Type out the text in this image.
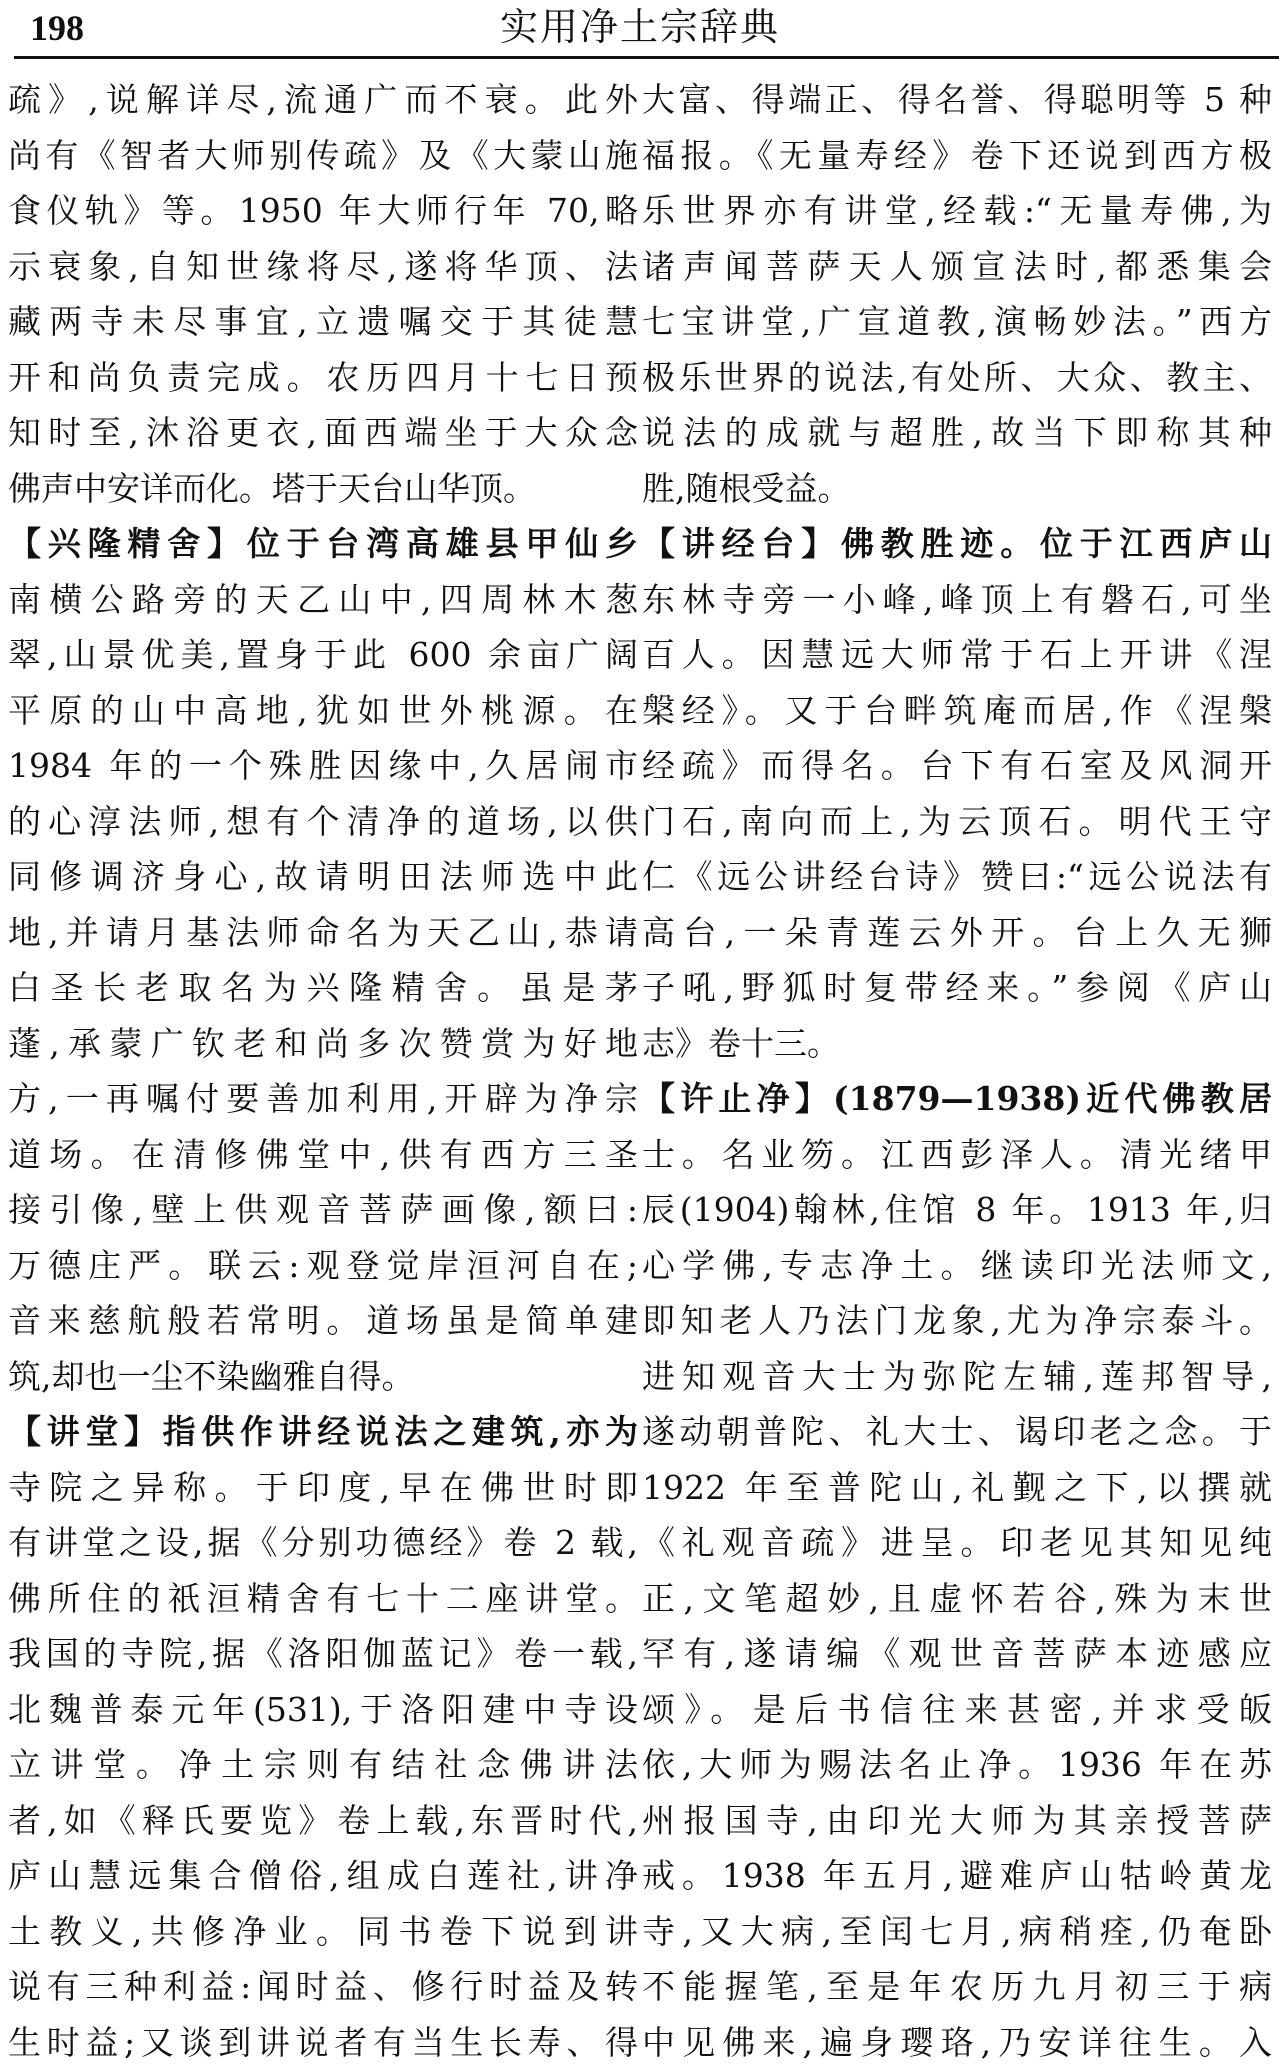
198	实用净土宗辞典
疏》,说解详尽,流通广而不衰。此外
尚有《智者大师别传疏》及《大蒙山施
食仪轨》等。1950 年大师行年 70,略
示衰象,自知世缘将尽,遂将华顶、法
藏两寺未尽事宜,立遗嘱交于其徒慧
开和尚负责完成。农历四月十七日预
知时至,沐浴更衣,面西端坐于大众念
佛声中安详而化。塔于天台山华顶。
【兴隆精舍】位于台湾高雄县甲仙乡
南横公路旁的天乙山中,四周林木葱
翠,山景优美,置身于此 600 余亩广阔
平原的山中高地,犹如世外桃源。在
1984 年的一个殊胜因缘中,久居闹市
的心淳法师,想有个清净的道场,以供
同修调济身心,故请明田法师选中此
地,并请月基法师命名为天乙山,恭请
白圣长老取名为兴隆精舍。虽是茅
蓬,承蒙广钦老和尚多次赞赏为好地
方,一再嘱付要善加利用,开辟为净宗
道场。在清修佛堂中,供有西方三圣
接引像,壁上供观音菩萨画像,额曰:
万德庄严。联云:观登觉岸洹河自在;
音来慈航般若常明。道场虽是简单建
筑,却也一尘不染幽雅自得。
【讲堂】指供作讲经说法之建筑,亦为
寺院之异称。于印度,早在佛世时即
有讲堂之设,据《分别功德经》卷 2 载,
佛所住的祇洹精舍有七十二座讲堂。
我国的寺院,据《洛阳伽蓝记》卷一载,
北魏普泰元年(531),于洛阳建中寺设
立讲堂。净土宗则有结社念佛讲法
者,如《释氏要览》卷上载,东晋时代,
庐山慧远集合僧俗,组成白莲社,讲净
土教义,共修净业。同书卷下说到讲
说有三种利益:闻时益、修行时益及转
生时益;又谈到讲说者有当生长寿、得
大富、得端正、得名誉、得聪明等 5 种
福报。《无量寿经》卷下还说到西方极
乐世界亦有讲堂,经载:“无量寿佛,为
诸声闻菩萨天人颁宣法时,都悉集会
七宝讲堂,广宣道教,演畅妙法。”西方
极乐世界的说法,有处所、大众、教主、
说法的成就与超胜,故当下即称其种
胜,随根受益。
【讲经台】佛教胜迹。位于江西庐山
东林寺旁一小峰,峰顶上有磐石,可坐
百人。因慧远大师常于石上开讲《涅
槃经》。又于台畔筑庵而居,作《涅槃
经疏》而得名。台下有石室及风洞开
门石,南向而上,为云顶石。明代王守
仁《远公讲经台诗》赞曰:“远公说法有
高台,一朵青莲云外开。台上久无狮
子吼,野狐时复带经来。”参阅《庐山
志》卷十三。
【许止净】(1879—1938)近代佛教居
士。名业笏。江西彭泽人。清光绪甲
辰(1904)翰林,住馆 8 年。1913 年,归
心学佛,专志净土。继读印光法师文,
即知老人乃法门龙象,尤为净宗泰斗。
进知观音大士为弥陀左辅,莲邦智导,
遂动朝普陀、礼大士、谒印老之念。于
1922 年至普陀山,礼觐之下,以撰就
《礼观音疏》进呈。印老见其知见纯
正,文笔超妙,且虚怀若谷,殊为末世
罕有,遂请编《观世音菩萨本迹感应
颂》。是后书信往来甚密,并求受皈
依,大师为赐法名止净。1936 年在苏
州报国寺,由印光大师为其亲授菩萨
戒。1938 年五月,避难庐山牯岭黄龙
寺,又大病,至闰七月,病稍痊,仍奄卧
不能握笔,至是年农历九月初三于病
中见佛来,遍身璎珞,乃安详往生。入
